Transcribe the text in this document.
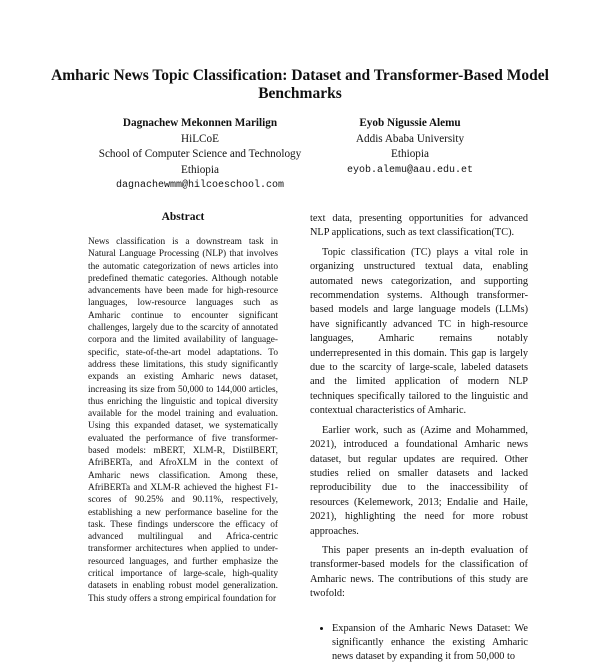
Amharic News Topic Classification: Dataset and Transformer-Based Model Benchmarks
Dagnachew Mekonnen Marilign
HiLCoE
School of Computer Science and Technology
Ethiopia
dagnachewmm@hilcoeschool.com
Eyob Nigussie Alemu
Addis Ababa University
Ethiopia
eyob.alemu@aau.edu.et
Abstract
News classification is a downstream task in Natural Language Processing (NLP) that involves the automatic categorization of news articles into predefined thematic categories. Although notable advancements have been made for high-resource languages, low-resource languages such as Amharic continue to encounter significant challenges, largely due to the scarcity of annotated corpora and the limited availability of language-specific, state-of-the-art model adaptations. To address these limitations, this study significantly expands an existing Amharic news dataset, increasing its size from 50,000 to 144,000 articles, thus enriching the linguistic and topical diversity available for the model training and evaluation. Using this expanded dataset, we systematically evaluated the performance of five transformer-based models: mBERT, XLM-R, DistilBERT, AfriBERTa, and AfroXLM in the context of Amharic news classification. Among these, AfriBERTa and XLM-R achieved the highest F1-scores of 90.25% and 90.11%, respectively, establishing a new performance baseline for the task. These findings underscore the efficacy of advanced multilingual and Africa-centric transformer architectures when applied to under-resourced languages, and further emphasize the critical importance of large-scale, high-quality datasets in enabling robust model generalization. This study offers a strong empirical foundation for

text data, presenting opportunities for advanced NLP applications, such as text classification(TC).

Topic classification (TC) plays a vital role in organizing unstructured textual data, enabling automated news categorization, and supporting recommendation systems. Although transformer-based models and large language models (LLMs) have significantly advanced TC in high-resource languages, Amharic remains notably underrepresented in this domain. This gap is largely due to the scarcity of large-scale, labeled datasets and the limited application of modern NLP techniques specifically tailored to the linguistic and contextual characteristics of Amharic.

Earlier work, such as (Azime and Mohammed, 2021), introduced a foundational Amharic news dataset, but regular updates are required. Other studies relied on smaller datasets and lacked reproducibility due to the inaccessibility of resources (Kelemework, 2013; Endalie and Haile, 2021), highlighting the need for more robust approaches.

This paper presents an in-depth evaluation of transformer-based models for the classification of Amharic news. The contributions of this study are twofold:

• Expansion of the Amharic News Dataset: We significantly enhance the existing Amharic news dataset by expanding it from 50,000 to
